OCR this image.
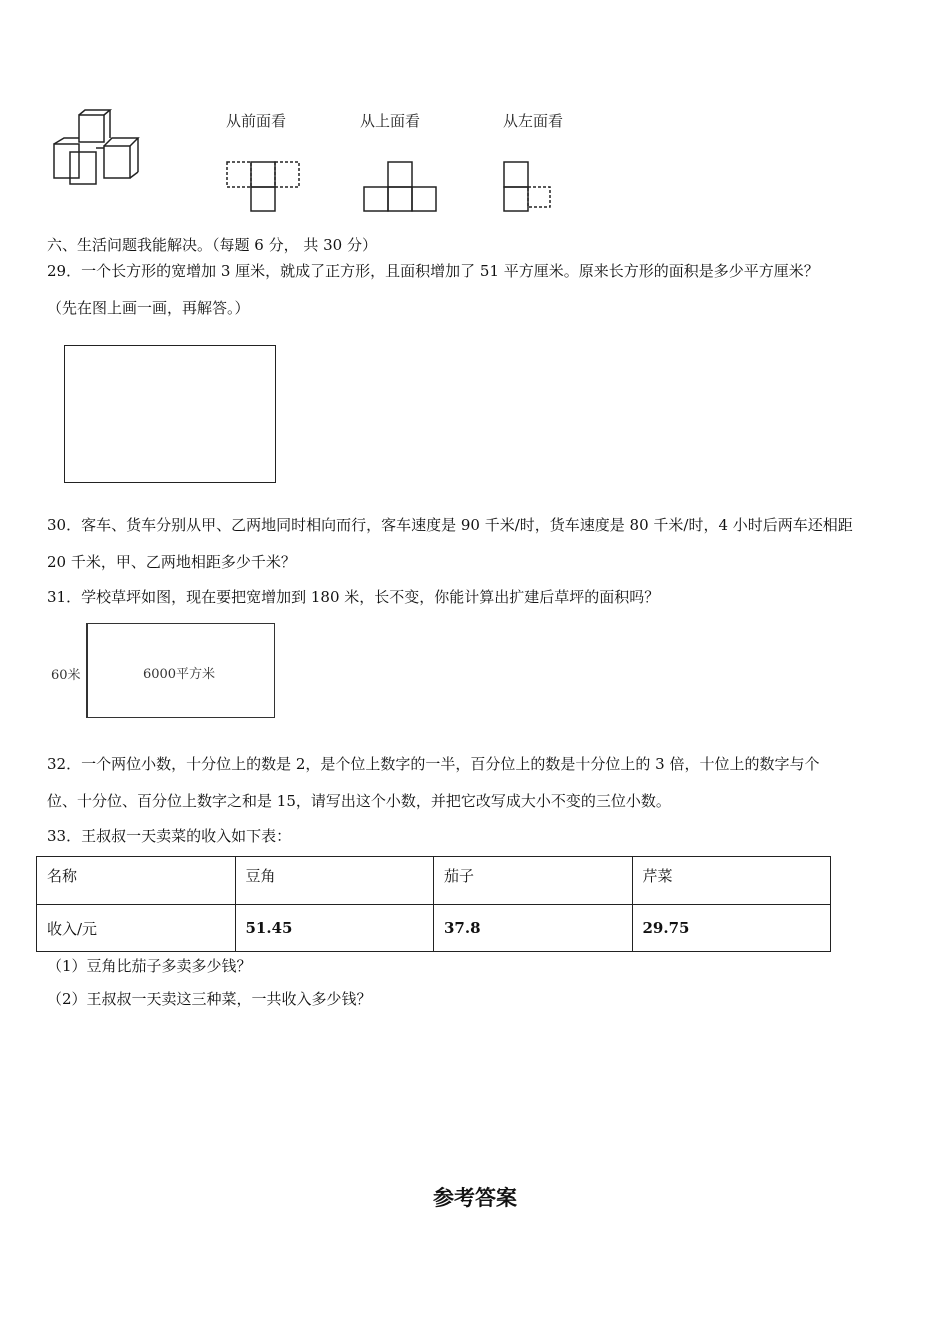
从前面看	从上面看	从左面看
六、生活问题我能解决。（每题 6 分， 共 30 分）
29．一个长方形的宽增加 3 厘米，就成了正方形，且面积增加了 51 平方厘米。原来长方形的面积是多少平方厘米？
（先在图上画一画，再解答。）
30．客车、货车分别从甲、乙两地同时相向而行，客车速度是 90 千米/时，货车速度是 80 千米/时，4 小时后两车还相距
20 千米，甲、乙两地相距多少千米？
31．学校草坪如图，现在要把宽增加到 180 米，长不变，你能计算出扩建后草坪的面积吗？
60米	6000平方米
32．一个两位小数，十分位上的数是 2，是个位上数字的一半，百分位上的数是十分位上的 3 倍，十位上的数字与个
位、十分位、百分位上数字之和是 15，请写出这个小数，并把它改写成大小不变的三位小数。
33．王叔叔一天卖菜的收入如下表：
名称	豆角	茄子	芹菜
收入/元	51.45	37.8	29.75
（1）豆角比茄子多卖多少钱？
（2）王叔叔一天卖这三种菜，一共收入多少钱？
参考答案
